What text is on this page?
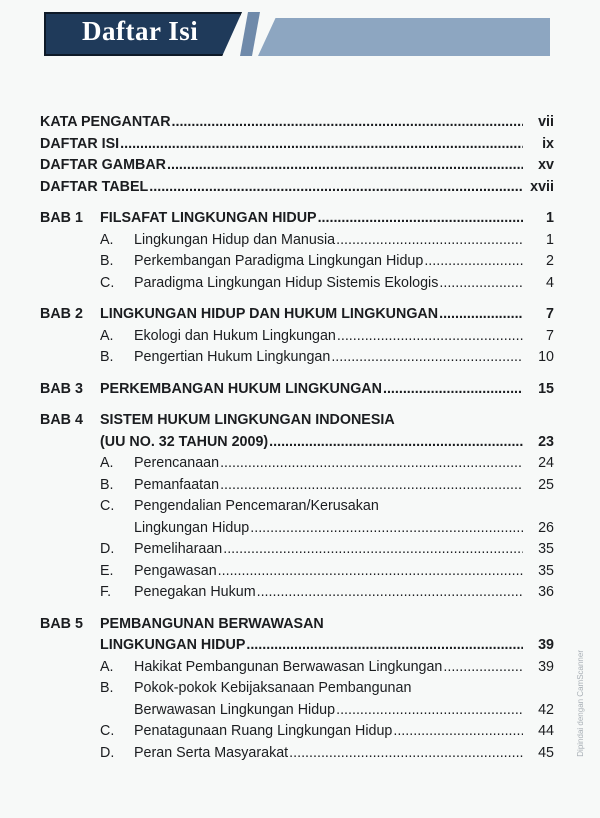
Daftar Isi
KATA PENGANTAR .....	vii
DAFTAR ISI .....	ix
DAFTAR GAMBAR .....	xv
DAFTAR TABEL .....	xvii
BAB 1	FILSAFAT LINGKUNGAN HIDUP .....	1
A.	Lingkungan Hidup dan Manusia .....	1
B.	Perkembangan Paradigma Lingkungan Hidup .....	2
C.	Paradigma Lingkungan Hidup Sistemis Ekologis .....	4
BAB 2	LINGKUNGAN HIDUP DAN HUKUM LINGKUNGAN .....	7
A.	Ekologi dan Hukum Lingkungan .....	7
B.	Pengertian Hukum Lingkungan .....	10
BAB 3	PERKEMBANGAN HUKUM LINGKUNGAN .....	15
BAB 4	SISTEM HUKUM LINGKUNGAN INDONESIA
(UU NO. 32 TAHUN 2009) .....	23
A.	Perencanaan .....	24
B.	Pemanfaatan .....	25
C.	Pengendalian Pencemaran/Kerusakan
Lingkungan Hidup .....	26
D.	Pemeliharaan .....	35
E.	Pengawasan .....	35
F.	Penegakan Hukum .....	36
BAB 5	PEMBANGUNAN BERWAWASAN
LINGKUNGAN HIDUP .....	39
A.	Hakikat Pembangunan Berwawasan Lingkungan .....	39
B.	Pokok-pokok Kebijaksanaan Pembangunan
Berwawasan Lingkungan Hidup .....	42
C.	Penatagunaan Ruang Lingkungan Hidup .....	44
D.	Peran Serta Masyarakat .....	45	Dipindai dengan CamScanner
